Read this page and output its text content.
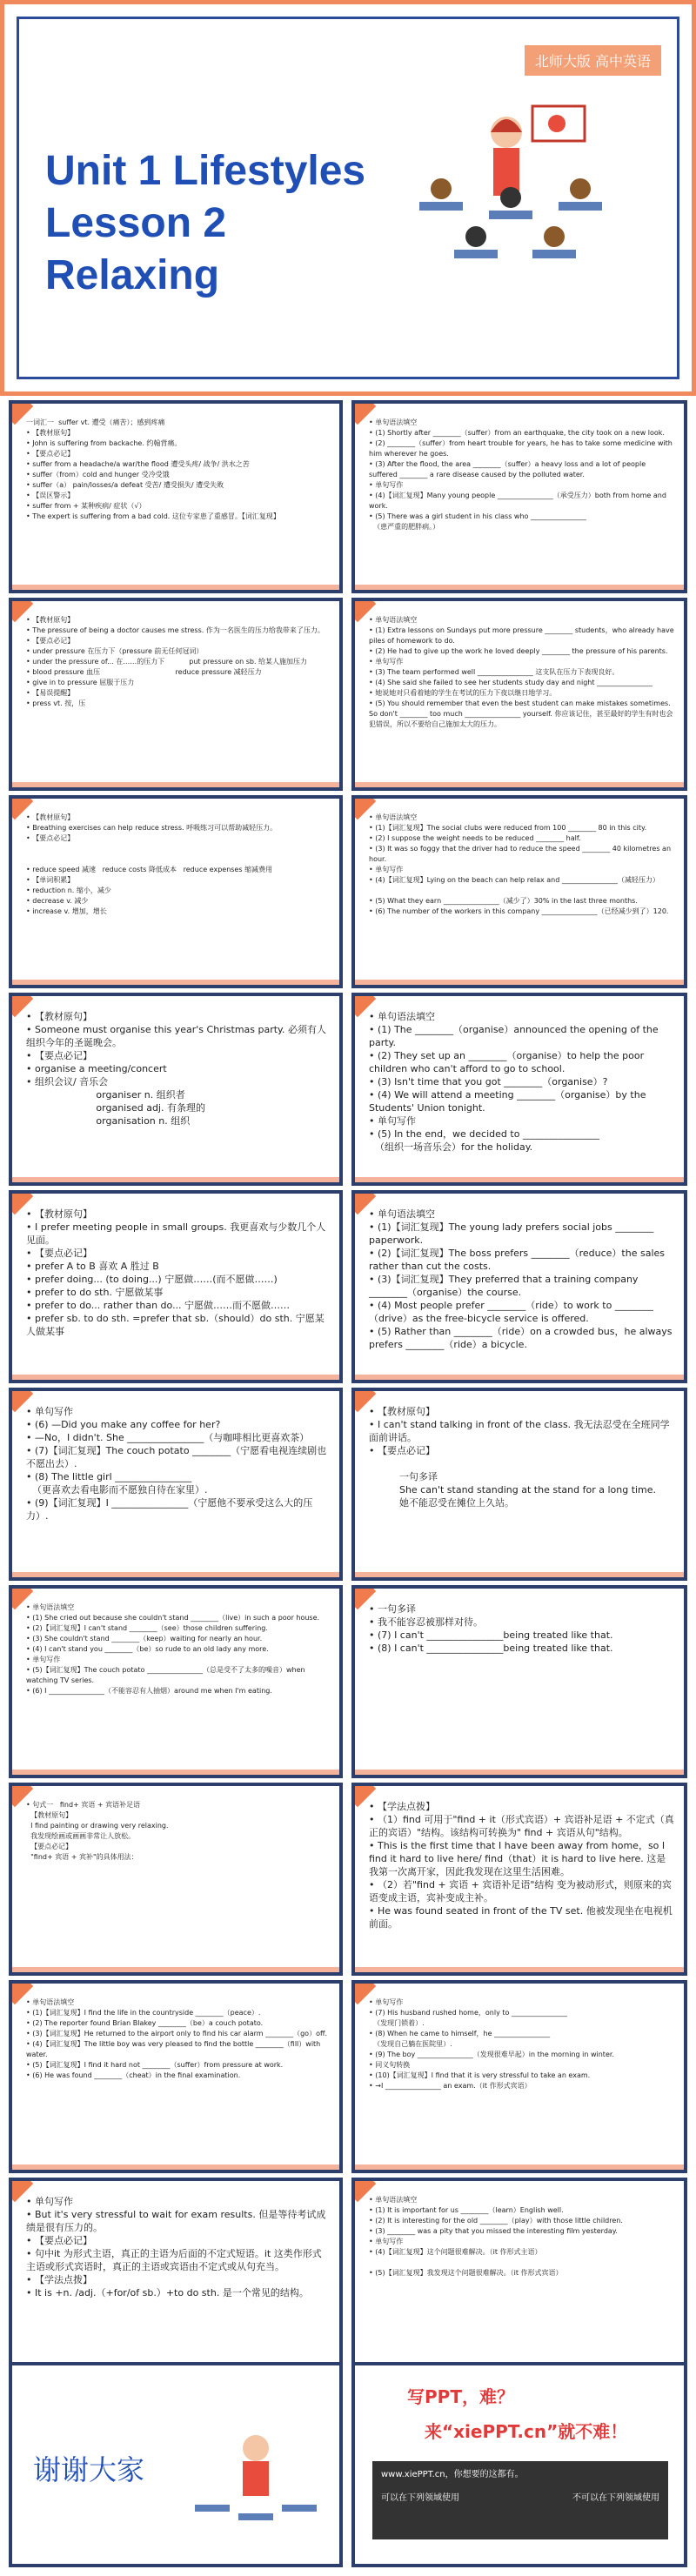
北师大版 高中英语
Unit 1 Lifestyles
Lesson 2
Relaxing
一词汇一  suffer vt. 遭受（痛苦）；感到疼痛
• 【教材原句】
• John is suffering from backache. 约翰背痛。
• 【要点必记】
• suffer from a headache/a war/the flood 遭受头疼/ 战争/ 洪水之苦
• suffer（from）cold and hunger 受冷受饿
• suffer（a） pain/losses/a defeat 受苦/ 遭受损失/ 遭受失败
• 【误区警示】
• suffer from + 某种疾病/ 症状（√）
• The expert is suffering from a bad cold. 这位专家患了重感冒。【词汇复现】
• 单句语法填空
• (1) Shortly after ________（suffer）from an earthquake, the city took on a new look.
• (2) ________（suffer）from heart trouble for years, he has to take some medicine with him wherever he goes.
• (3) After the flood, the area ________（suffer）a heavy loss and a lot of people suffered ________ a rare disease caused by the polluted water.
• 单句写作
• (4)【词汇复现】Many young people ________________（承受压力）both from home and work.
• (5) There was a girl student in his class who ________________
（患严重的肥胖病。）
• 【教材原句】
• The pressure of being a doctor causes me stress. 作为一名医生的压力给我带来了压力。
• 【要点必记】
• under pressure 在压力下（pressure 前无任何冠词）
• under the pressure of... 在……的压力下           put pressure on sb. 给某人施加压力
• blood pressure 血压                                  reduce pressure 减轻压力
• give in to pressure 屈服于压力
• 【易误提醒】
• press vt. 按，压
• 单句语法填空
• (1) Extra lessons on Sundays put more pressure ________ students，who already have piles of homework to do.
• (2) He had to give up the work he loved deeply ________ the pressure of his parents.
• 单句写作
• (3) The team performed well ________________ 这支队在压力下表现良好。
• (4) She said she failed to see her students study day and night ________________
• 她说她对只看着她的学生在考试的压力下夜以继日地学习。
• (5) You should remember that even the best student can make mistakes sometimes. So don't ________ too much ________________ yourself. 你应该记住，甚至最好的学生有时也会犯错误，所以不要给自己施加太大的压力。
• 【教材原句】
• Breathing exercises can help reduce stress. 呼吸练习可以帮助减轻压力。
• 【要点必记】

• reduce speed 减速   reduce costs 降低成本   reduce expenses 缩减费用
• 【单词积累】
• reduction n. 缩小，减少
• decrease v. 减少
• increase v. 增加，增长
• 单句语法填空
• (1)【词汇复现】The social clubs were reduced from 100 ________ 80 in this city.
• (2) I suppose the weight needs to be reduced ________ half.
• (3) It was so foggy that the driver had to reduce the speed ________ 40 kilometres an hour.
• 单句写作
• (4)【词汇复现】Lying on the beach can help relax and ________________（减轻压力）

• (5) What they earn ________________（减少了）30% in the last three months.
• (6) The number of the workers in this company ________________（已经减少到了）120.
• 【教材原句】
• Someone must organise this year's Christmas party. 必须有人组织今年的圣诞晚会。
• 【要点必记】
• organise a meeting/concert
• 组织会议/ 音乐会
organiser n. 组织者
organised adj. 有条理的
organisation n. 组织
• 单句语法填空
• (1) The ________（organise）announced the opening of the party.
• (2) They set up an ________（organise）to help the poor children who can't afford to go to school.
• (3) Isn't time that you got ________（organise）?
• (4) We will attend a meeting ________（organise）by the Students' Union tonight.
• 单句写作
• (5) In the end，we decided to ________________
（组织一场音乐会）for the holiday.
• 【教材原句】
• I prefer meeting people in small groups. 我更喜欢与少数几个人见面。
• 【要点必记】
• prefer A to B 喜欢 A 胜过 B
• prefer doing... (to doing...) 宁愿做……(而不愿做……)
• prefer to do sth. 宁愿做某事
• prefer to do... rather than do... 宁愿做……而不愿做……
• prefer sb. to do sth. =prefer that sb.（should）do sth. 宁愿某人做某事
• 单句语法填空
• (1)【词汇复现】The young lady prefers social jobs ________ paperwork.
• (2)【词汇复现】The boss prefers ________（reduce）the sales rather than cut the costs.
• (3)【词汇复现】They preferred that a training company ________（organise）the course.
• (4) Most people prefer ________（ride）to work to ________（drive）as the free-bicycle service is offered.
• (5) Rather than ________（ride）on a crowded bus，he always prefers ________（ride）a bicycle.
• 单句写作
• (6) —Did you make any coffee for her?
• —No，I didn't. She ________________（与咖啡相比更喜欢茶）
• (7)【词汇复现】The couch potato ________（宁愿看电视连续剧也不愿出去）.
• (8) The little girl ________________
（更喜欢去看电影而不愿独自待在家里）.
• (9)【词汇复现】I ________________（宁愿他不要承受这么大的压力）.
• 【教材原句】
• I can't stand talking in front of the class. 我无法忍受在全班同学面前讲话。
• 【要点必记】

一句多译
She can't stand standing at the stand for a long time.
她不能忍受在摊位上久站。
• 单句语法填空
• (1) She cried out because she couldn't stand ________（live）in such a poor house.
• (2)【词汇复现】I can't stand ________（see）those children suffering.
• (3) She couldn't stand ________（keep）waiting for nearly an hour.
• (4) I can't stand you ________（be）so rude to an old lady any more.
• 单句写作
• (5)【词汇复现】The couch potato ________________（总是受不了太多的噪音）when watching TV series.
• (6) I ________________（不能容忍有人抽烟）around me when I'm eating.
• 一句多译
• 我不能容忍被那样对待。
• (7) I can't ________________being treated like that.
• (8) I can't ________________being treated like that.
• 句式一   find+ 宾语 + 宾语补足语
【教材原句】
I find painting or drawing very relaxing.
我发现绘画或画画非常让人放松。
【要点必记】
"find+ 宾语 + 宾补"的具体用法：
• 【学法点拨】
• （1）find 可用于"find + it（形式宾语）+ 宾语补足语 + 不定式（真正的宾语）"结构。该结构可转换为" find + 宾语从句"结构。
• This is the first time that I have been away from home，so I find it hard to live here/ find（that）it is hard to live here. 这是我第一次离开家，因此我发现在这里生活困难。
• （2）若"find + 宾语 + 宾语补足语"结构 变为被动形式，则原来的宾语变成主语，宾补变成主补。
• He was found seated in front of the TV set. 他被发现坐在电视机前面。
• 单句语法填空
• (1)【词汇复现】I find the life in the countryside ________（peace）.
• (2) The reporter found Brian Blakey ________（be）a couch potato.
• (3)【词汇复现】He returned to the airport only to find his car alarm ________（go）off.
• (4)【词汇复现】The little boy was very pleased to find the bottle ________（fill）with water.
• (5)【词汇复现】I find it hard not ________（suffer）from pressure at work.
• (6) He was found ________（cheat）in the final examination.
• 单句写作
• (7) His husband rushed home，only to ________________
（发现门锁着）.
• (8) When he came to himself，he ________________
（发现自己躺在医院里）.
• (9) The boy ________________（发现很难早起）in the morning in winter.
• 同义句转换
• (10)【词汇复现】I find that it is very stressful to take an exam.
• →I ________________ an exam.（it 作形式宾语）
• 单句写作
• But it's very stressful to wait for exam results. 但是等待考试成绩是很有压力的。
• 【要点必记】
• 句中it 为形式主语，真正的主语为后面的不定式短语。it 这类作形式主语或形式宾语时，真正的主语或宾语由不定式或从句充当。
• 【学法点拨】
• It is +n. /adj.（+for/of sb.）+to do sth. 是一个常见的结构。
• 单句语法填空
• (1) It is important for us ________（learn）English well.
• (2) It is interesting for the old ________（play）with those little children.
• (3) ________ was a pity that you missed the interesting film yesterday.
• 单句写作
• (4)【词汇复现】这个问题很难解决。（it 作形式主语）

• (5)【词汇复现】我发现这个问题很难解决。（it 作形式宾语）
谢谢大家
写PPT，难？
来“xiePPT.cn”就不难！
www.xiePPT.cn，你想要的这都有。
可以在下列领域使用	不可以在下列领域使用
